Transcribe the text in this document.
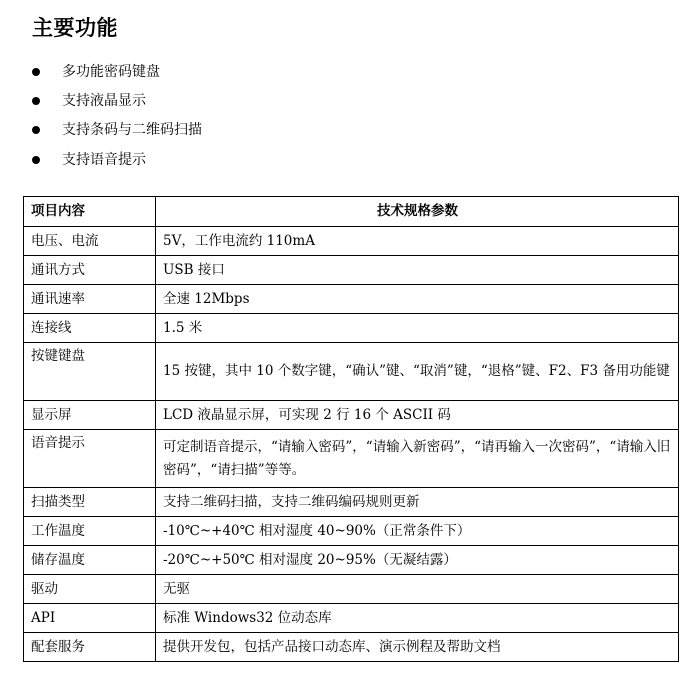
主要功能
多功能密码键盘
支持液晶显示
支持条码与二维码扫描
支持语音提示
项目内容	技术规格参数
电压、电流	5V，工作电流约 110mA
通讯方式	USB 接口
通讯速率	全速 12Mbps
连接线	1.5 米
按键键盘	15 按键，其中 10 个数字键，“确认”键、“取消”键，“退格”键、F2、F3 备用功能键
显示屏	LCD 液晶显示屏，可实现 2 行 16 个 ASCII 码
语音提示	可定制语音提示，“请输入密码”，“请输入新密码”，“请再输入一次密码”，“请输入旧密码”，“请扫描”等等。
扫描类型	支持二维码扫描，支持二维码编码规则更新
工作温度	-10℃~+40℃ 相对湿度 40~90%（正常条件下）
储存温度	-20℃~+50℃ 相对湿度 20~95%（无凝结露）
驱动	无驱
API	标准 Windows32 位动态库
配套服务	提供开发包，包括产品接口动态库、演示例程及帮助文档
